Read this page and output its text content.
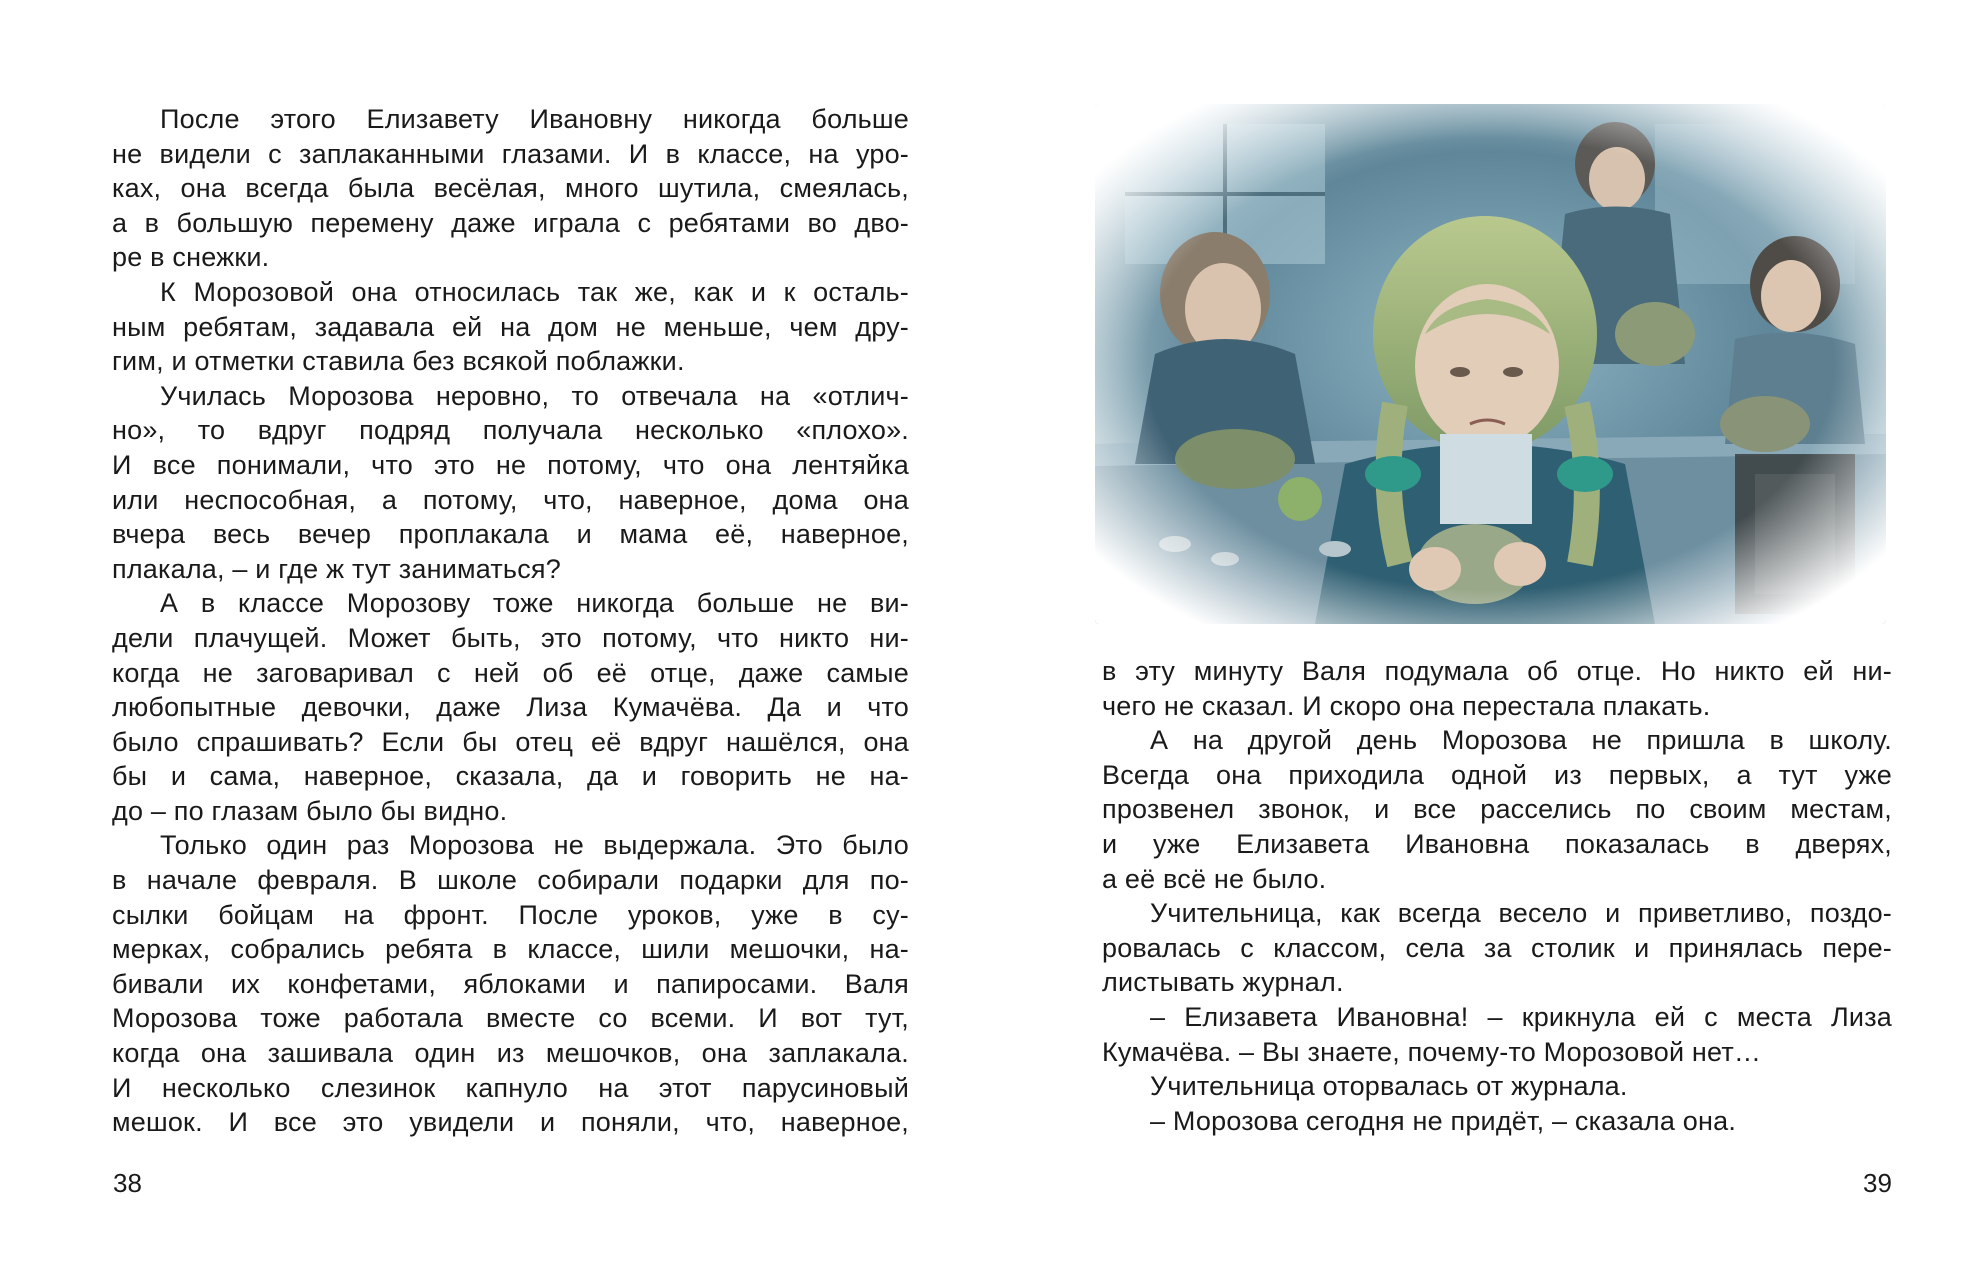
После этого Елизавету Ивановну никогда больше
не видели с заплаканными глазами. И в классе, на уро-
ках, она всегда была весёлая, много шутила, смеялась,
а в большую перемену даже играла с ребятами во дво-
ре в снежки.
К Морозовой она относилась так же, как и к осталь-
ным ребятам, задавала ей на дом не меньше, чем дру-
гим, и отметки ставила без всякой поблажки.
Училась Морозова неровно, то отвечала на «отлич-
но», то вдруг подряд получала несколько «плохо».
И все понимали, что это не потому, что она лентяйка
или неспособная, а потому, что, наверное, дома она
вчера весь вечер проплакала и мама её, наверное,
плакала, – и где ж тут заниматься?
А в классе Морозову тоже никогда больше не ви-
дели плачущей. Может быть, это потому, что никто ни-
когда не заговаривал с ней об её отце, даже самые
любопытные девочки, даже Лиза Кумачёва. Да и что
было спрашивать? Если бы отец её вдруг нашёлся, она
бы и сама, наверное, сказала, да и говорить не на-
до – по глазам было бы видно.
Только один раз Морозова не выдержала. Это было
в начале февраля. В школе собирали подарки для по-
сылки бойцам на фронт. После уроков, уже в су-
мерках, собрались ребята в классе, шили мешочки, на-
бивали их конфетами, яблоками и папиросами. Валя
Морозова тоже работала вместе со всеми. И вот тут,
когда она зашивала один из мешочков, она заплакала.
И несколько слезинок капнуло на этот парусиновый
мешок. И все это увидели и поняли, что, наверное,
38
в эту минуту Валя подумала об отце. Но никто ей ни-
чего не сказал. И скоро она перестала плакать.
А на другой день Морозова не пришла в школу.
Всегда она приходила одной из первых, а тут уже
прозвенел звонок, и все расселись по своим местам,
и уже Елизавета Ивановна показалась в дверях,
а её всё не было.
Учительница, как всегда весело и приветливо, поздо-
ровалась с классом, села за столик и принялась пере-
листывать журнал.
– Елизавета Ивановна! – крикнула ей с места Лиза
Кумачёва. – Вы знаете, почему-то Морозовой нет…
Учительница оторвалась от журнала.
– Морозова сегодня не придёт, – сказала она.
39
